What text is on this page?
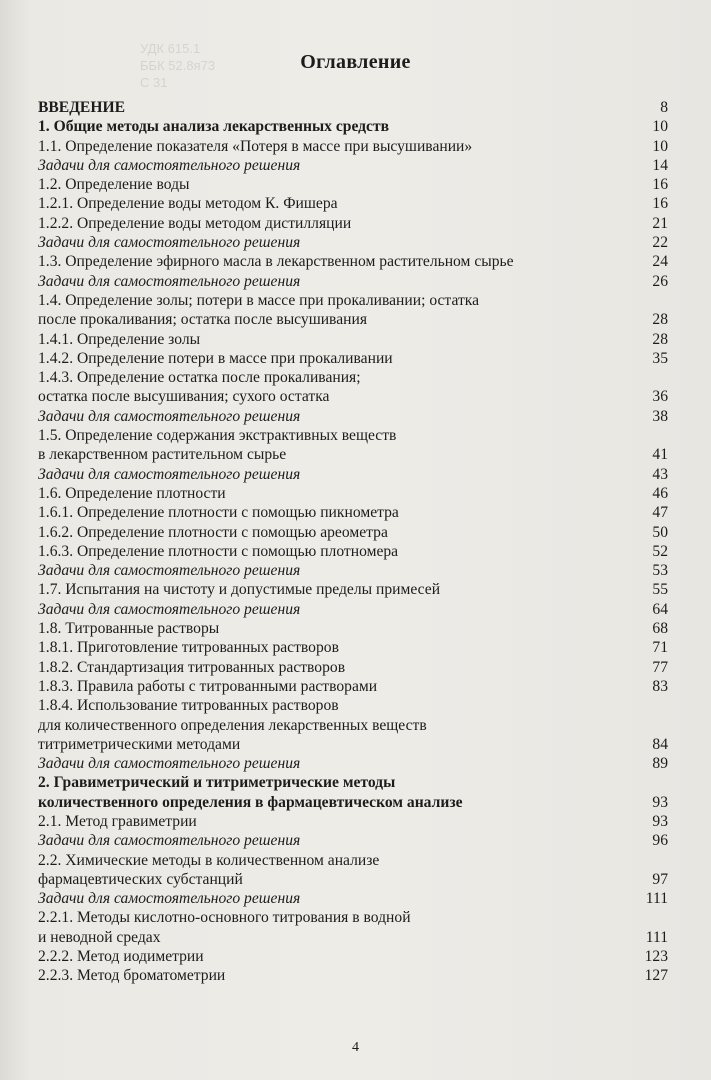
УДК 615.1
ББК 52.8я73
С 31
Оглавление
ВВЕДЕНИЕ	8
1. Общие методы анализа лекарственных средств	10
1.1. Определение показателя «Потеря в массе при высушивании»	10
Задачи для самостоятельного решения	14
1.2. Определение воды	16
1.2.1. Определение воды методом К. Фишера	16
1.2.2. Определение воды методом дистилляции	21
Задачи для самостоятельного решения	22
1.3. Определение эфирного масла в лекарственном растительном сырье	24
Задачи для самостоятельного решения	26
1.4. Определение золы; потери в массе при прокаливании; остатка
после прокаливания; остатка после высушивания	28
1.4.1. Определение золы	28
1.4.2. Определение потери в массе при прокаливании	35
1.4.3. Определение остатка после прокаливания;
остатка после высушивания; сухого остатка	36
Задачи для самостоятельного решения	38
1.5. Определение содержания экстрактивных веществ
в лекарственном растительном сырье	41
Задачи для самостоятельного решения	43
1.6. Определение плотности	46
1.6.1. Определение плотности с помощью пикнометра	47
1.6.2. Определение плотности с помощью ареометра	50
1.6.3. Определение плотности с помощью плотномера	52
Задачи для самостоятельного решения	53
1.7. Испытания на чистоту и допустимые пределы примесей	55
Задачи для самостоятельного решения	64
1.8. Титрованные растворы	68
1.8.1. Приготовление титрованных растворов	71
1.8.2. Стандартизация титрованных растворов	77
1.8.3. Правила работы с титрованными растворами	83
1.8.4. Использование титрованных растворов
для количественного определения лекарственных веществ
титриметрическими методами	84
Задачи для самостоятельного решения	89
2. Гравиметрический и титриметрические методы
количественного определения в фармацевтическом анализе	93
2.1. Метод гравиметрии	93
Задачи для самостоятельного решения	96
2.2. Химические методы в количественном анализе
фармацевтических субстанций	97
Задачи для самостоятельного решения	111
2.2.1. Методы кислотно-основного титрования в водной
и неводной средах	111
2.2.2. Метод иодиметрии	123
2.2.3. Метод броматометрии	127
4
